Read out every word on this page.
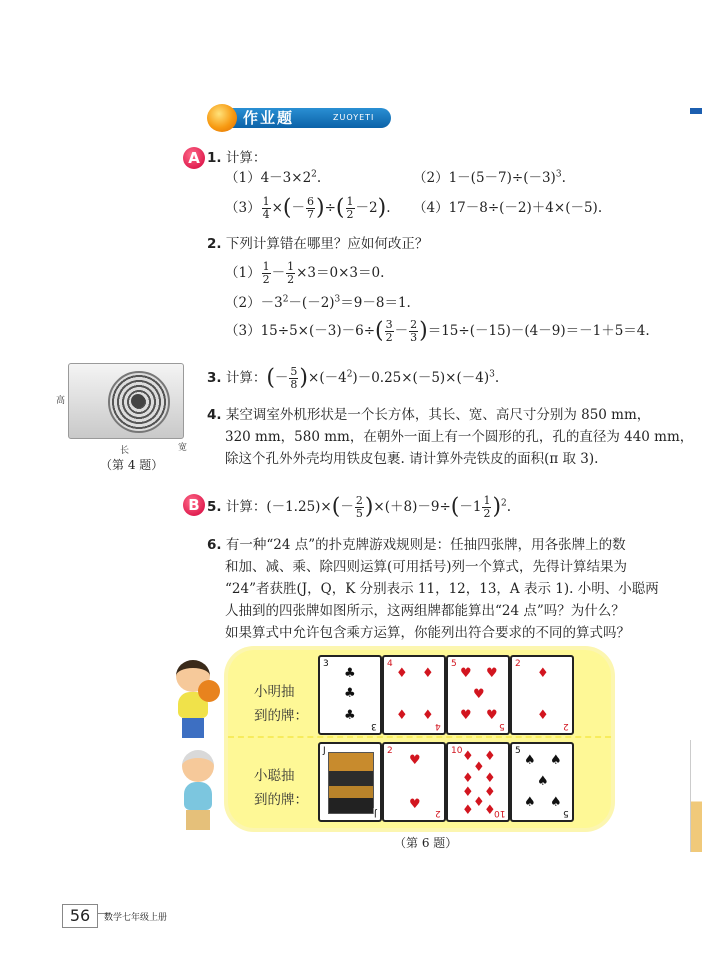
作业题	ZUOYETI
A 1. 计算：
$(1)4-3\times 2^2$.	$(2)1-(5-7)\div(-3)^3$.
$(3) \frac{1}{4}$ ×(－ $\frac{6}{7}$ )÷( $\frac{1}{2} -2$). （4）17－8÷(－2)＋4×(－5).
2. 下列计算错在哪里？应如何改正？
$(1) \frac{1}{2} - \frac{1}{2} \times 3=0\times 3=0$.
$(2)-3^2-(-2)^3=9-8=1$.
$(3)15\div 5\times(-3)-6\div( \frac{3}{2} - \frac{2}{3} )=15\div(-15)-(4-9)=-1+5=4$.
高
长	宽
（第 4 题）
3. 计算：(－ $\frac{5}{8} )\times(-4^2)-0.25\times(-5)\times(-4)^3$.
4. 某空调室外机形状是一个长方体，其长、宽、高尺寸分别为 850 mm，
320 mm，580 mm，在朝外一面上有一个圆形的孔，孔的直径为 440 mm，
除这个孔外外壳均用铁皮包裹. 请计算外壳铁皮的面积(π 取 3).
B 5. 计算：$(-1.25)\times(- \frac{2}{5} )\times(+8)-9\div(-1 \frac{1}{2} )^2$.
6. 有一种“24 点”的扑克牌游戏规则是：任抽四张牌，用各张牌上的数
和加、减、乘、除四则运算(可用括号)列一个算式，先得计算结果为
“24”者获胜(J，Q，K 分别表示 11，12，13，A 表示 1). 小明、小聪两
人抽到的四张牌如图所示，这两组牌都能算出“24 点”吗？为什么？
如果算式中允许包含乘方运算，你能列出符合要求的不同的算式吗？
小明抽
到的牌：
小聪抽
到的牌：
3
3
♣
♣
♣
4
4
♦ ♦
♦ ♦
5
5
♥ ♥
♥
♥ ♥
2
2
♦
♦
J
J
2
2
♥
♥
10
10
♦ ♦
♦
♦ ♦
♦ ♦
♦
♦ ♦
5
5
♠ ♠
♠
♠ ♠
（第 6 题）
56	数学七年级上册
